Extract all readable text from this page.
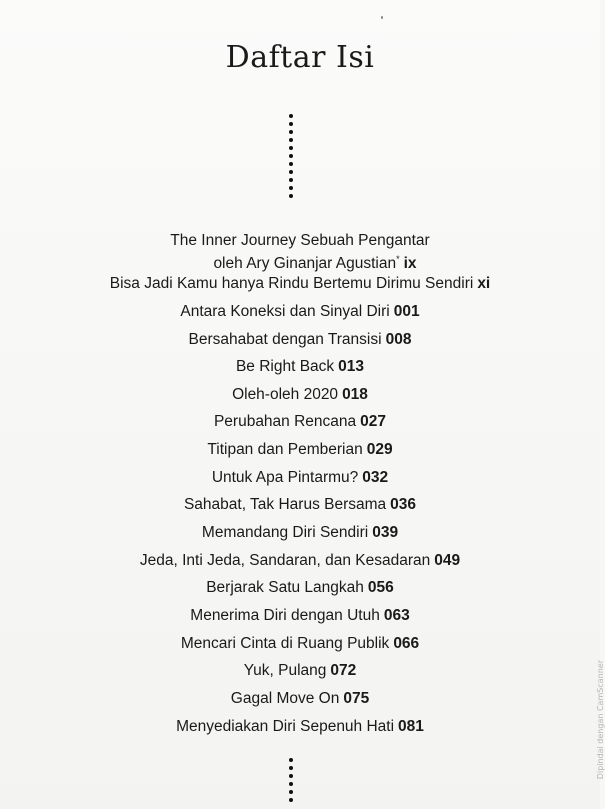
Daftar Isi
The Inner Journey Sebuah Pengantar
oleh Ary Ginanjar Agustian* ix
Bisa Jadi Kamu hanya Rindu Bertemu Dirimu Sendiri xi
Antara Koneksi dan Sinyal Diri 001
Bersahabat dengan Transisi 008
Be Right Back 013
Oleh-oleh 2020 018
Perubahan Rencana 027
Titipan dan Pemberian 029
Untuk Apa Pintarmu? 032
Sahabat, Tak Harus Bersama 036
Memandang Diri Sendiri 039
Jeda, Inti Jeda, Sandaran, dan Kesadaran 049
Berjarak Satu Langkah 056
Menerima Diri dengan Utuh 063
Mencari Cinta di Ruang Publik 066
Yuk, Pulang 072
Gagal Move On 075
Menyediakan Diri Sepenuh Hati 081	Dipindai dengan CamScanner
